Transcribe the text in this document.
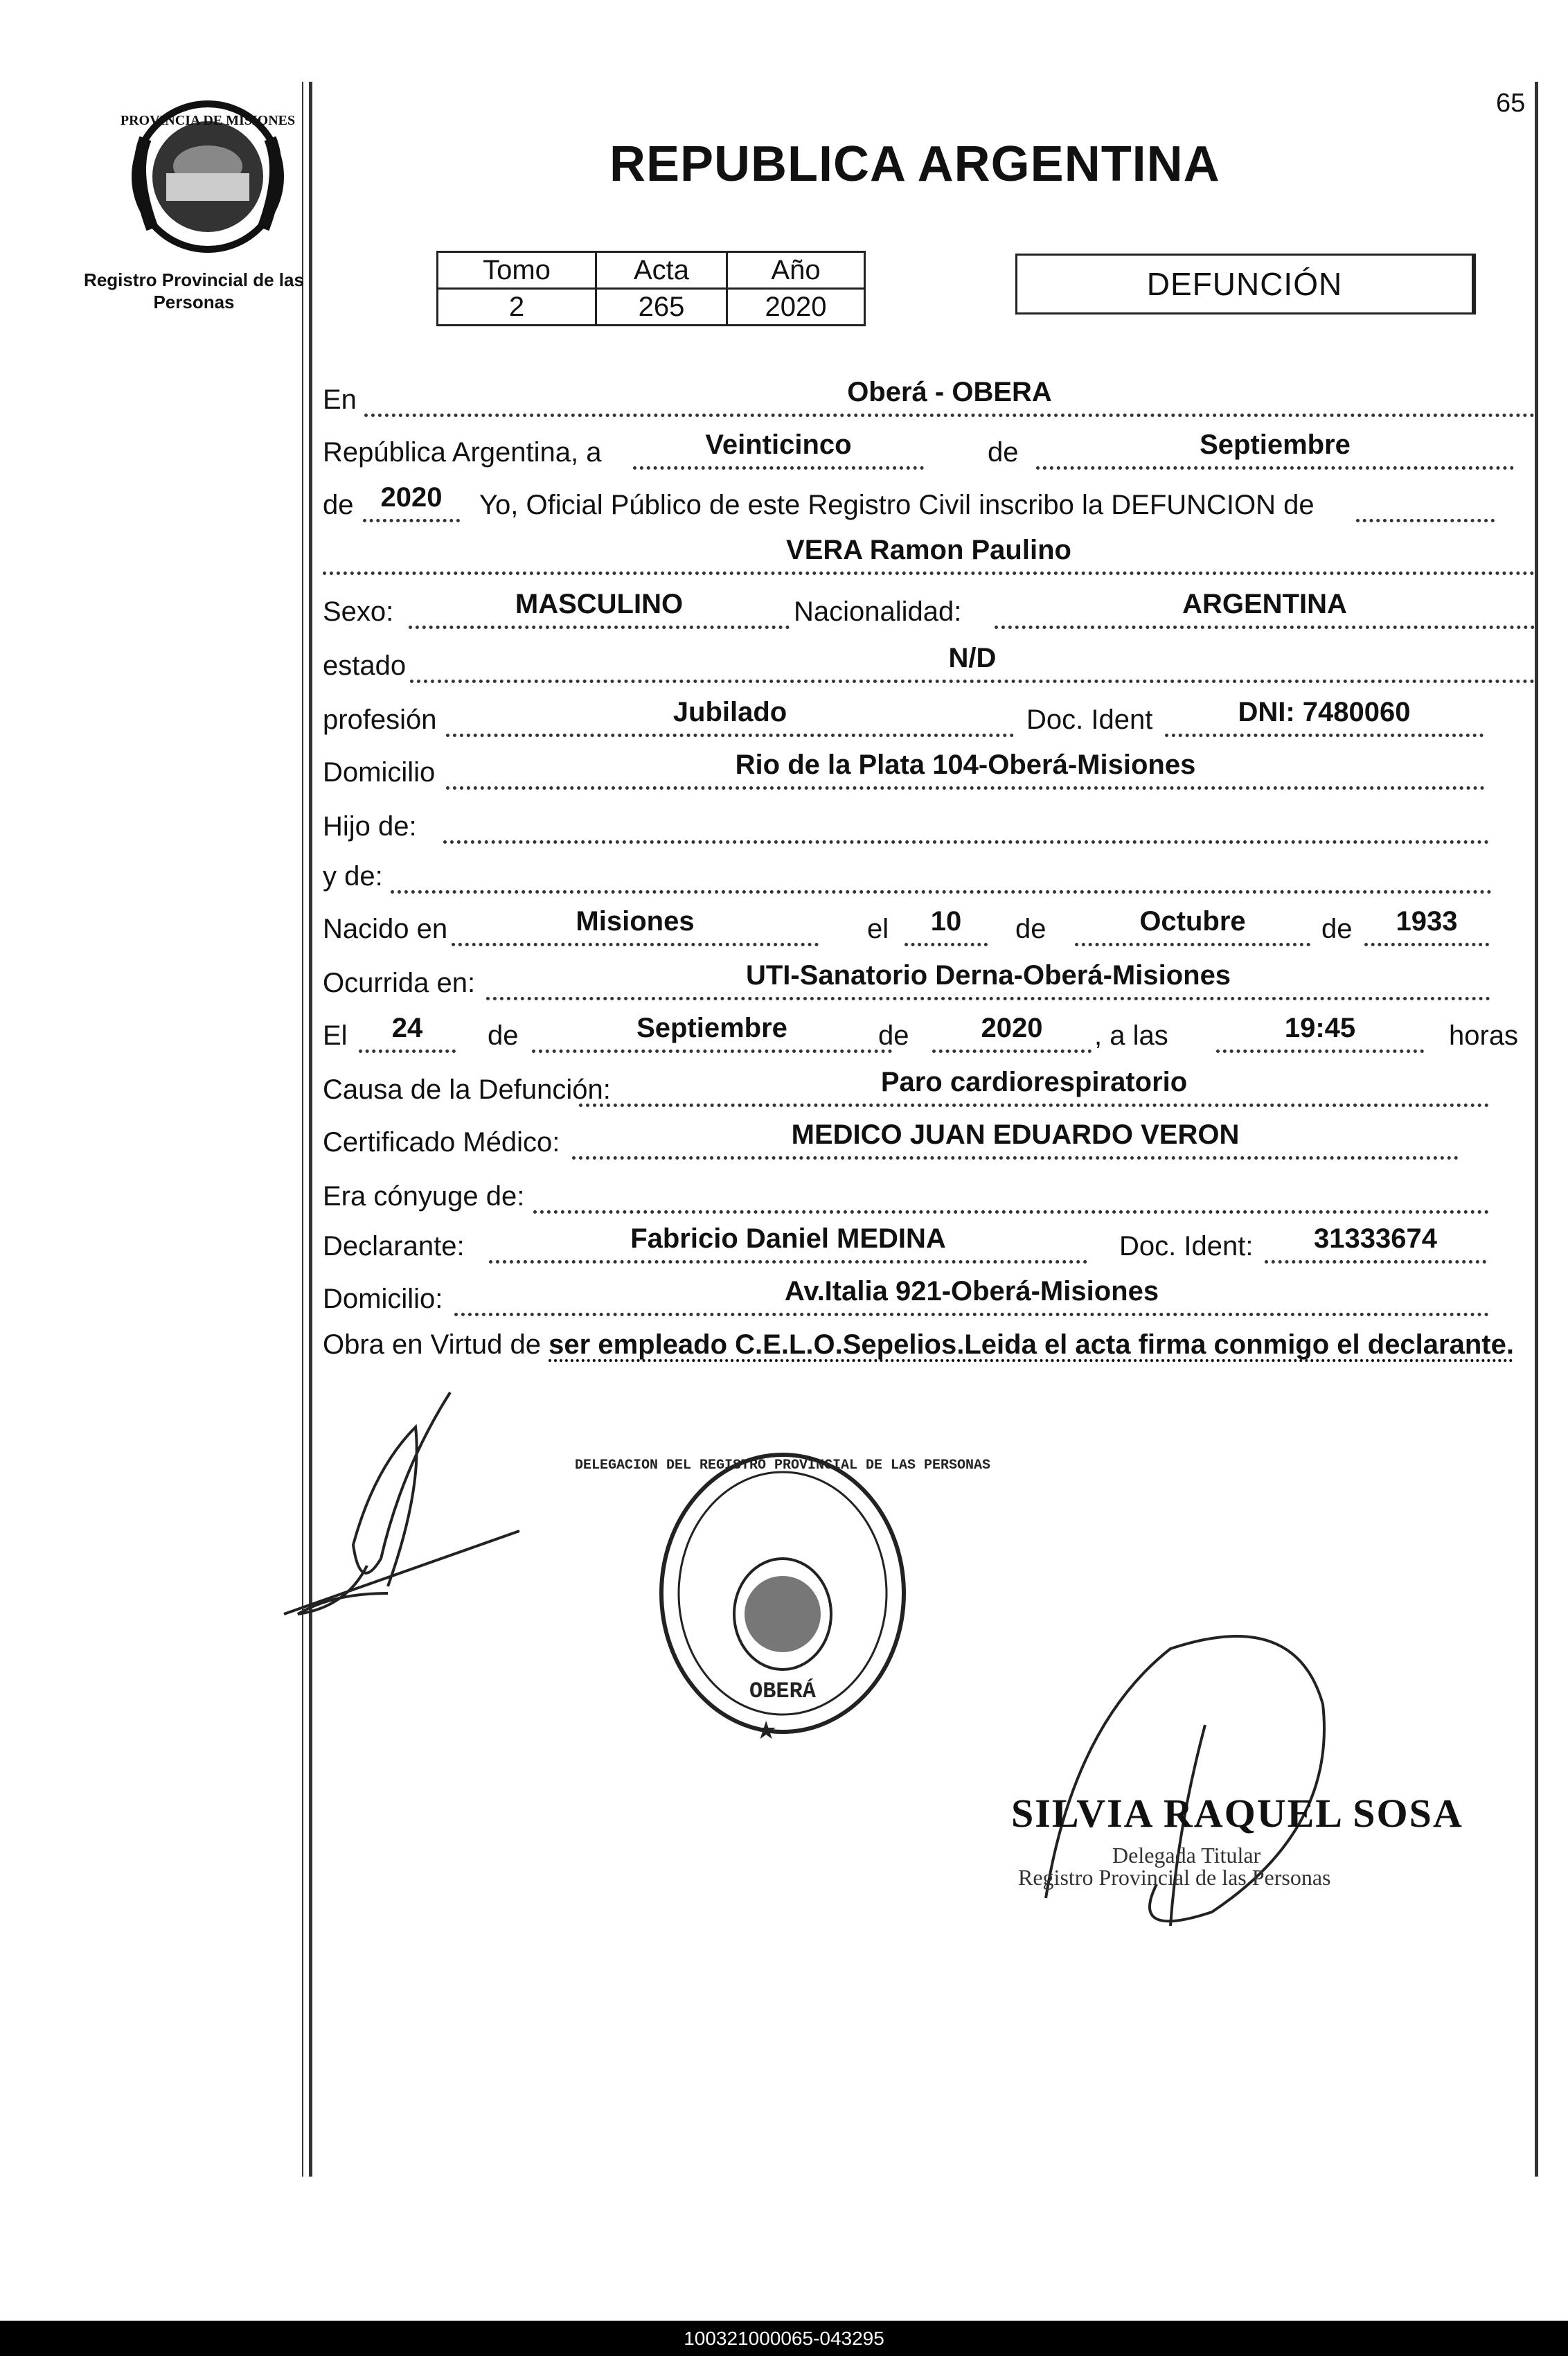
65
REPUBLICA ARGENTINA
PROVINCIA DE MISIONES
Registro Provincial de las Personas
Tomo	Acta	Año
2	265	2020
DEFUNCIÓN
En	Oberá - OBERA
República Argentina, a	Veinticinco	de	Septiembre
de 2020	Yo, Oficial Público de este Registro Civil inscribo la DEFUNCION de
VERA Ramon Paulino
Sexo:	MASCULINO	Nacionalidad:	ARGENTINA
estado	N/D
profesión	Jubilado	Doc. Ident	DNI: 7480060
Domicilio	Rio de la Plata 104-Oberá-Misiones
Hijo de:
y de:
Nacido en	Misiones	el	10	de	Octubre	de	1933
Ocurrida en:	UTI-Sanatorio Derna-Oberá-Misiones
El	24	de	Septiembre	de	2020	, a las	19:45	horas
Causa de la Defunción:	Paro cardiorespiratorio
Certificado Médico:	MEDICO JUAN EDUARDO VERON
Era cónyuge de:
Declarante:	Fabricio Daniel MEDINA	Doc. Ident:	31333674
Domicilio:	Av.Italia 921-Oberá-Misiones
Obra en Virtud de ser empleado C.E.L.O.Sepelios.Leida el acta firma conmigo el declarante.
DELEGACION DEL REGISTRO PROVINCIAL DE LAS PERSONAS
OBERÁ
★
SILVIA RAQUEL SOSA
Delegada Titular
Registro Provincial de las Personas
100321000065-043295
